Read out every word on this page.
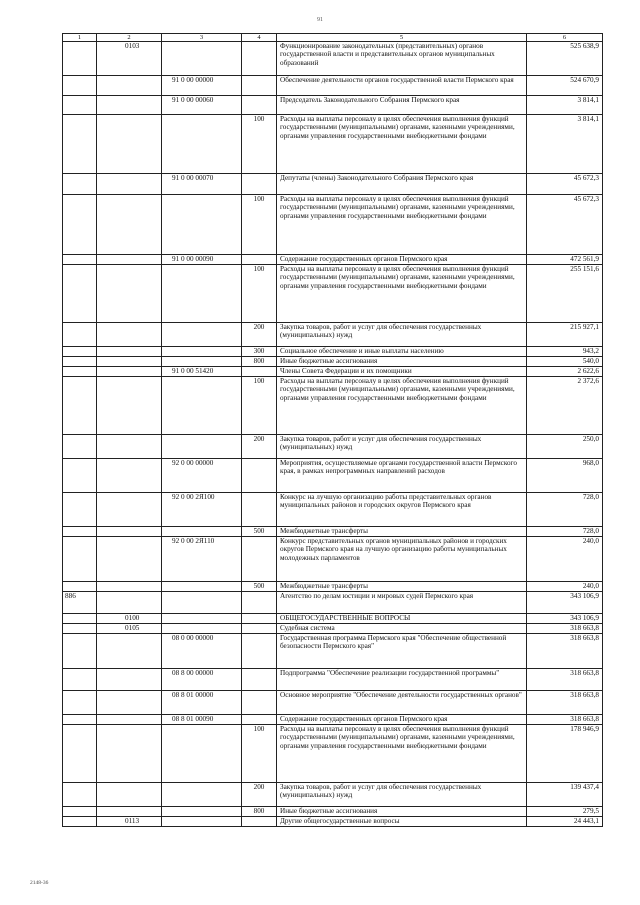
91
1	2	3	4	5	6
	0103			Функционирование законодательных (представительных) органов государственной власти и представительных органов муниципальных образований	525 638,9
		91 0 00 00000		Обеспечение деятельности органов государственной власти Пермского края	524 670,9
		91 0 00 00060		Председатель Законодательного Собрания Пермского края	3 814,1
			100	Расходы на выплаты персоналу в целях обеспечения выполнения функций государственными (муниципальными) органами, казенными учреждениями, органами управления государственными внебюджетными фондами	3 814,1
		91 0 00 00070		Депутаты (члены) Законодательного Собрания Пермского края	45 672,3
			100	Расходы на выплаты персоналу в целях обеспечения выполнения функций государственными (муниципальными) органами, казенными учреждениями, органами управления государственными внебюджетными фондами	45 672,3
		91 0 00 00090		Содержание государственных органов Пермского края	472 561,9
			100	Расходы на выплаты персоналу в целях обеспечения выполнения функций государственными (муниципальными) органами, казенными учреждениями, органами управления государственными внебюджетными фондами	255 151,6
			200	Закупка товаров, работ и услуг для обеспечения государственных (муниципальных) нужд	215 927,1
			300	Социальное обеспечение и иные выплаты населению	943,2
			800	Иные бюджетные ассигнования	540,0
		91 0 00 51420		Члены Совета Федерации и их помощники	2 622,6
			100	Расходы на выплаты персоналу в целях обеспечения выполнения функций государственными (муниципальными) органами, казенными учреждениями, органами управления государственными внебюджетными фондами	2 372,6
			200	Закупка товаров, работ и услуг для обеспечения государственных (муниципальных) нужд	250,0
		92 0 00 00000		Мероприятия, осуществляемые органами государственной власти Пермского края, в рамках непрограммных направлений расходов	968,0
		92 0 00 2Я100		Конкурс на лучшую организацию работы представительных органов муниципальных районов и городских округов Пермского края	728,0
			500	Межбюджетные трансферты	728,0
		92 0 00 2Я110		Конкурс представительных органов муниципальных районов и городских округов Пермского края на лучшую организацию работы муниципальных молодежных парламентов	240,0
			500	Межбюджетные трансферты	240,0
886				Агентство по делам юстиции и мировых судей Пермского края	343 106,9
	0100			ОБЩЕГОСУДАРСТВЕННЫЕ ВОПРОСЫ	343 106,9
	0105			Судебная система	318 663,8
		08 0 00 00000		Государственная программа Пермского края "Обеспечение общественной безопасности Пермского края"	318 663,8
		08 8 00 00000		Подпрограмма "Обеспечение реализации государственной программы"	318 663,8
		08 8 01 00000		Основное мероприятие "Обеспечение деятельности государственных органов"	318 663,8
		08 8 01 00090		Содержание государственных органов Пермского края	318 663,8
			100	Расходы на выплаты персоналу в целях обеспечения выполнения функций государственными (муниципальными) органами, казенными учреждениями, органами управления государственными внебюджетными фондами	178 946,9
			200	Закупка товаров, работ и услуг для обеспечения государственных (муниципальных) нужд	139 437,4
			800	Иные бюджетные ассигнования	279,5
	0113			Другие общегосударственные вопросы	24 443,1
2148-36
